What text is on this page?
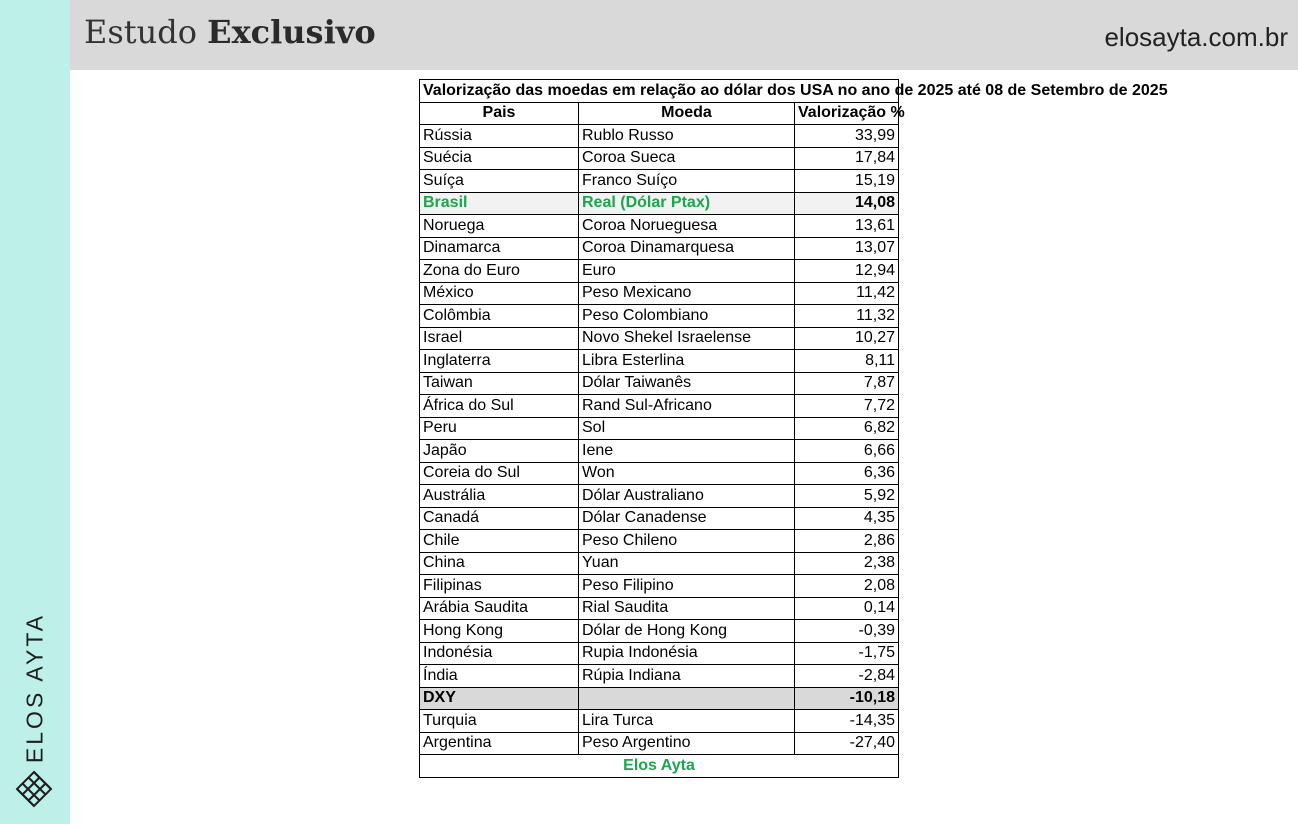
ELOS AYTA
Estudo Exclusivo	elosayta.com.br
Valorização das moedas em relação ao dólar dos USA no ano de 2025 até 08 de Setembro de 2025		
Pais	Moeda	Valorização %
Rússia	Rublo Russo	33,99
Suécia	Coroa Sueca	17,84
Suíça	Franco Suíço	15,19
Brasil	Real (Dólar Ptax)	14,08
Noruega	Coroa Norueguesa	13,61
Dinamarca	Coroa Dinamarquesa	13,07
Zona do Euro	Euro	12,94
México	Peso Mexicano	11,42
Colômbia	Peso Colombiano	11,32
Israel	Novo Shekel Israelense	10,27
Inglaterra	Libra Esterlina	8,11
Taiwan	Dólar Taiwanês	7,87
África do Sul	Rand Sul-Africano	7,72
Peru	Sol	6,82
Japão	Iene	6,66
Coreia do Sul	Won	6,36
Austrália	Dólar Australiano	5,92
Canadá	Dólar Canadense	4,35
Chile	Peso Chileno	2,86
China	Yuan	2,38
Filipinas	Peso Filipino	2,08
Arábia Saudita	Rial Saudita	0,14
Hong Kong	Dólar de Hong Kong	-0,39
Indonésia	Rupia Indonésia	-1,75
Índia	Rúpia Indiana	-2,84
DXY		-10,18
Turquia	Lira Turca	-14,35
Argentina	Peso Argentino	-27,40
Elos Ayta		
